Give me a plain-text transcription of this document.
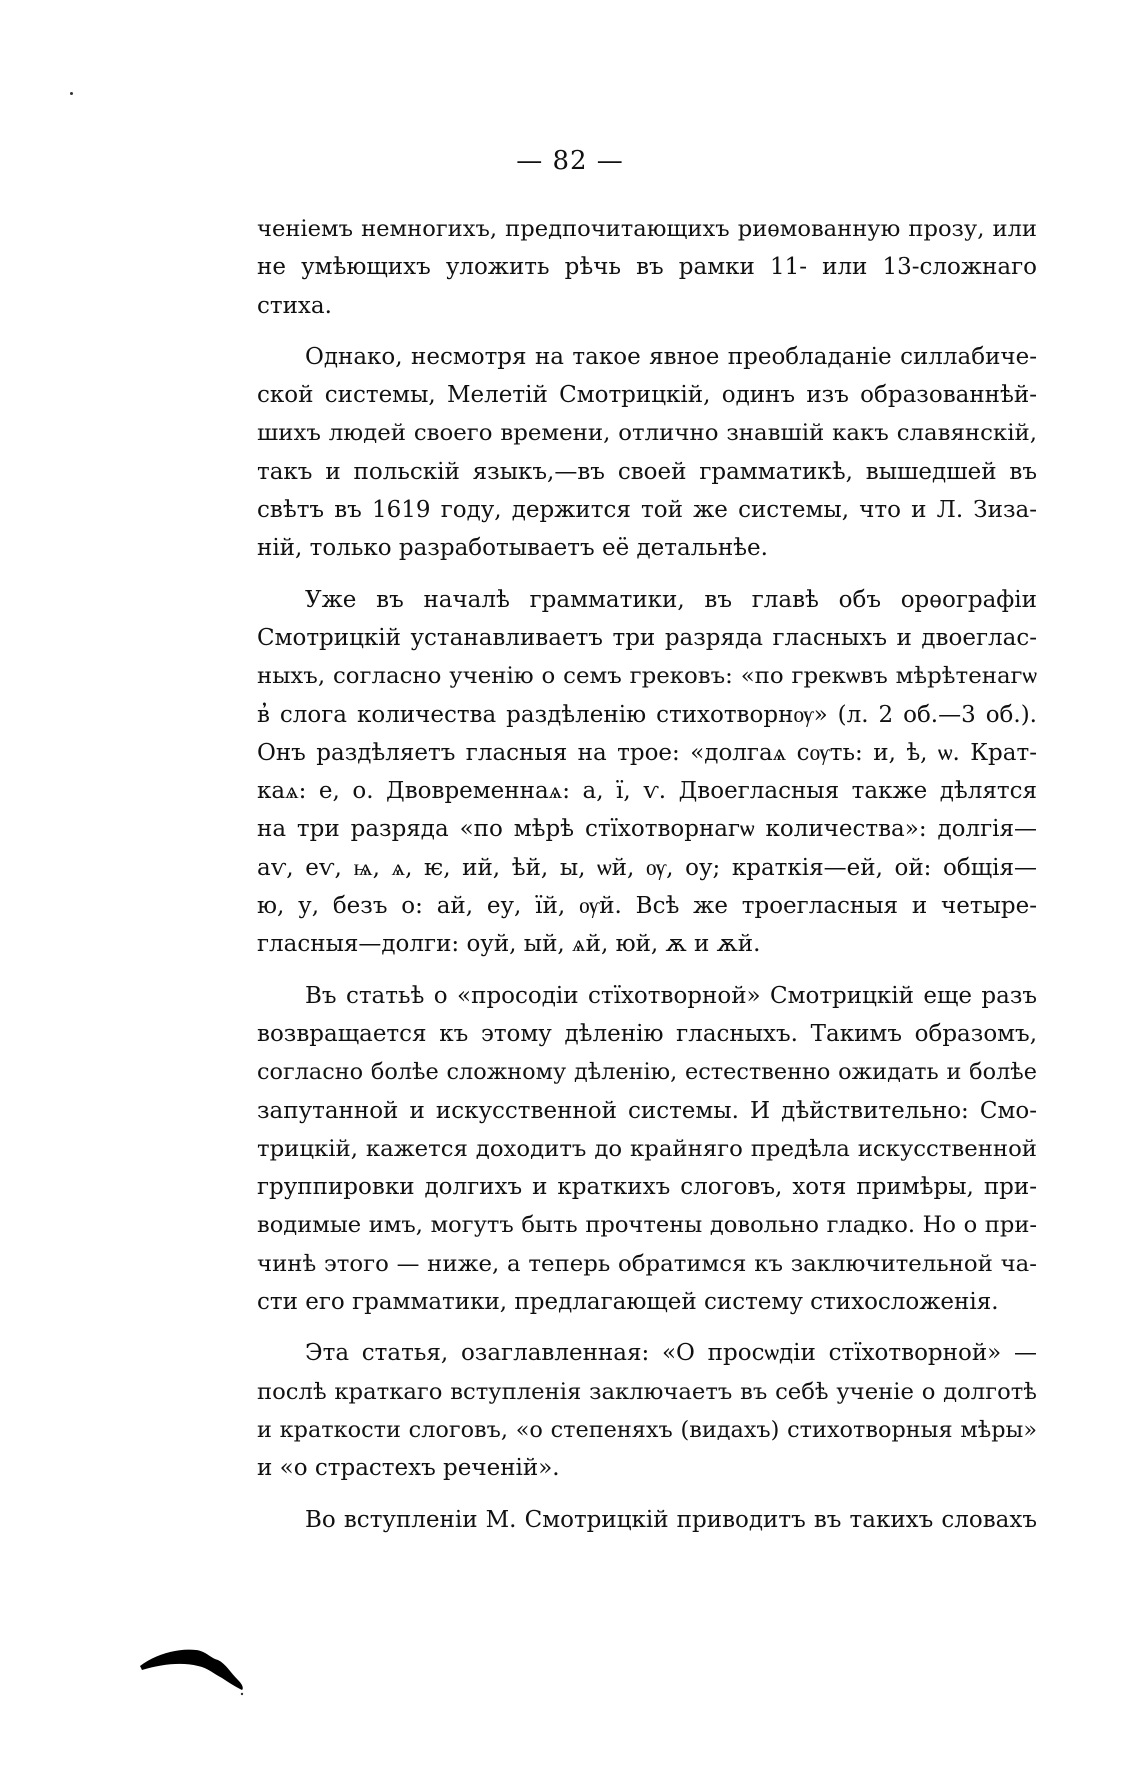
— 82 —
ченіемъ немногихъ, предпочитающихъ риѳмованную прозу, или
не умѣющихъ уложить рѣчь въ рамки 11- или 13-сложнаго
стиха.
Однако, несмотря на такое явное преобладаніе силлабиче-
ской системы, Мелетій Смотрицкій, одинъ изъ образованнѣй-
шихъ людей своего времени, отлично знавшій какъ славянскій,
такъ и польскій языкъ,—въ своей грамматикѣ, вышедшей въ
свѣтъ въ 1619 году, держится той же системы, что и Л. Зиза-
ній, только разработываетъ её детальнѣе.
Уже въ началѣ грамматики, въ главѣ объ орѳографіи
Смотрицкій устанавливаетъ три разряда гласныхъ и двоеглас-
ныхъ, согласно ученію о семъ грековъ: «по грекѡвъ мѣрѣтенагѡ
в̓ слога количества раздѣленію стихотворнѹ» (л. 2 об.—3 об.).
Онъ раздѣляетъ гласныя на трое: «долгаѧ сѹть: и, ѣ, ѡ. Крат-
каѧ: е, о. Двовременнаѧ: а, ї, ѵ. Двоегласныя также дѣлятся
на три разряда «по мѣрѣ стїхотворнагѡ количества»: долгія—
аѵ, еѵ, ѩ, ѧ, ѥ, ий, ѣй, ы, ѡй, ѹ, оу; краткія—ей, ой: общія—
ю, у, безъ о: ай, еу, їй, ѹй. Всѣ же троегласныя и четыре-
гласныя—долги: оуй, ый, ѧй, юй, ѫ и ѫй.
Въ статьѣ о «просодіи стїхотворной» Смотрицкій еще разъ
возвращается къ этому дѣленію гласныхъ. Такимъ образомъ,
согласно болѣе сложному дѣленію, естественно ожидать и болѣе
запутанной и искусственной системы. И дѣйствительно: Смо-
трицкій, кажется доходитъ до крайняго предѣла искусственной
группировки долгихъ и краткихъ слоговъ, хотя примѣры, при-
водимые имъ, могутъ быть прочтены довольно гладко. Но о при-
чинѣ этого — ниже, а теперь обратимся къ заключительной ча-
сти его грамматики, предлагающей систему стихосложенія.
Эта статья, озаглавленная: «О просѡдіи стїхотворной» —
послѣ краткаго вступленія заключаетъ въ себѣ ученіе о долготѣ
и краткости слоговъ, «о степеняхъ (видахъ) стихотворныя мѣры»
и «о страстехъ реченій».
Во вступленіи М. Смотрицкій приводитъ въ такихъ словахъ
